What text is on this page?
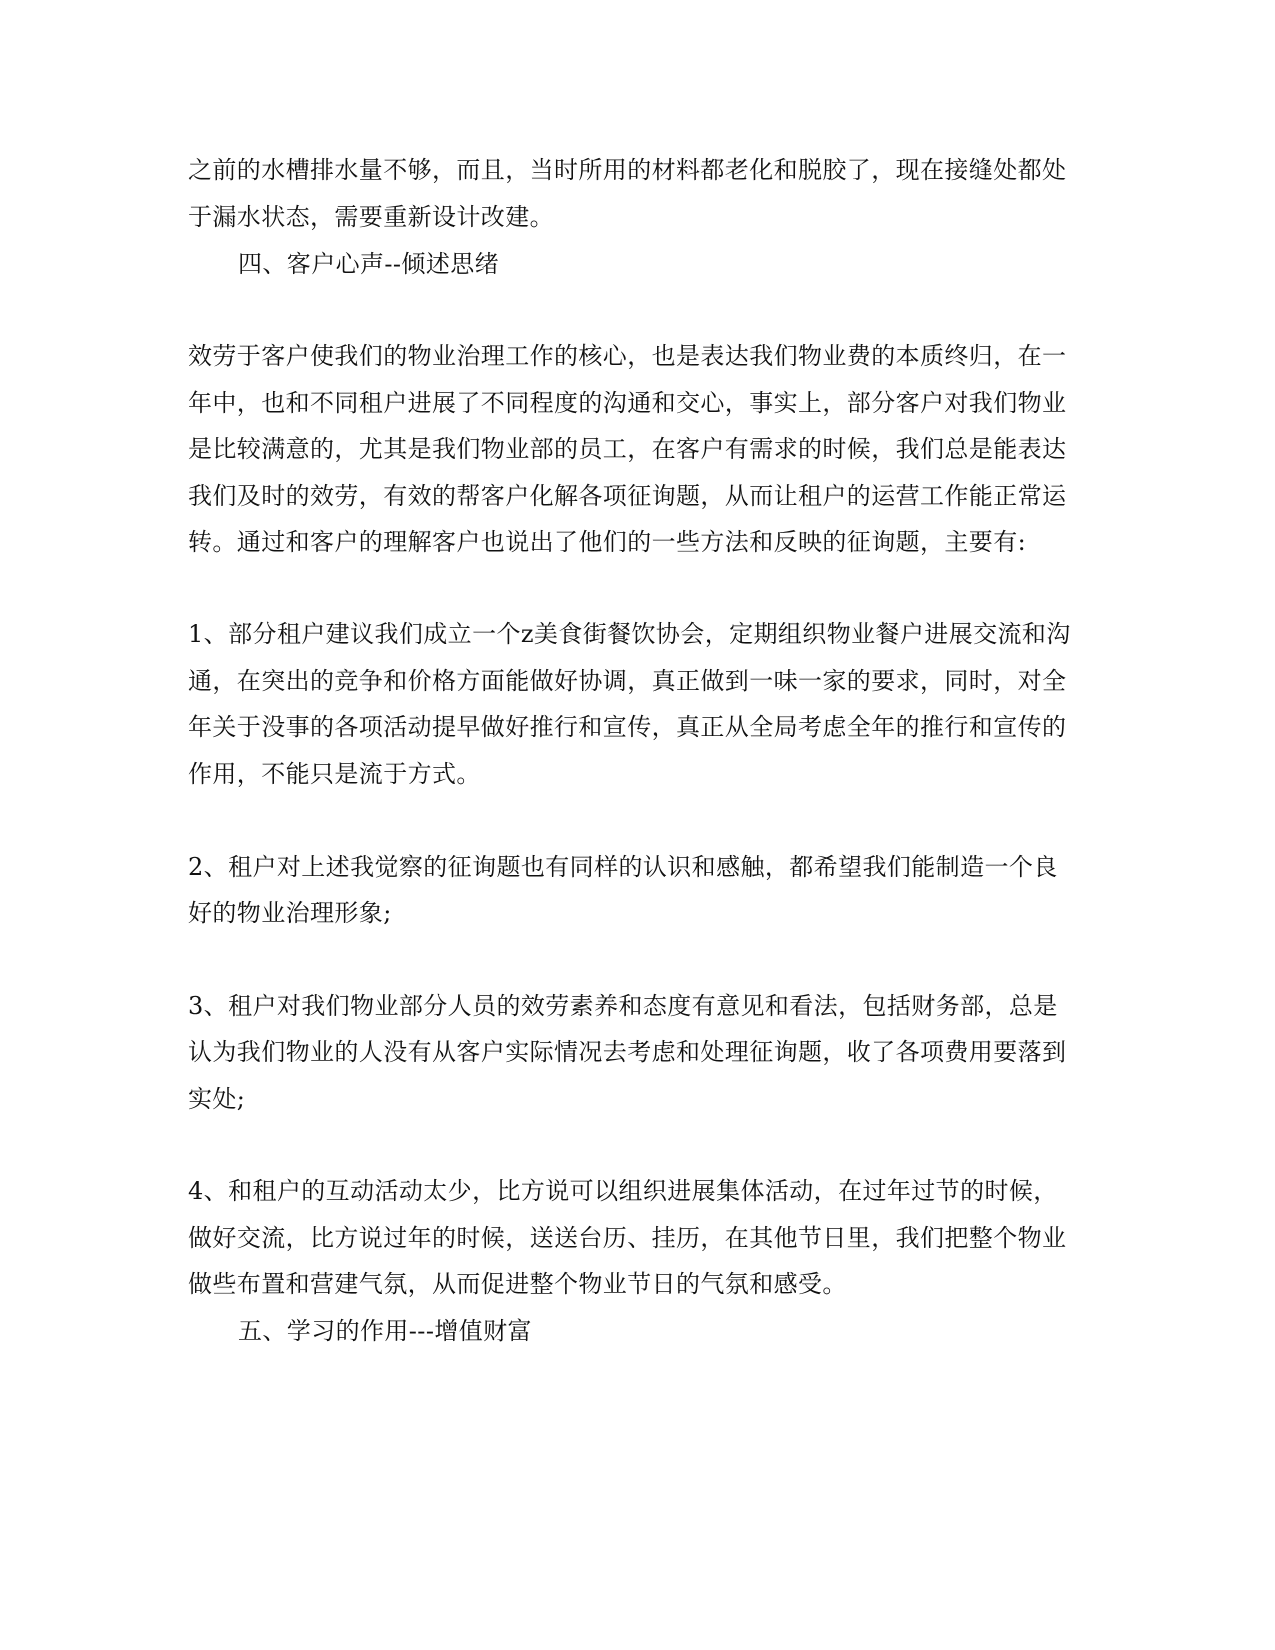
之前的水槽排水量不够，而且，当时所用的材料都老化和脱胶了，现在接缝处都处
于漏水状态，需要重新设计改建。
四、客户心声--倾述思绪
效劳于客户使我们的物业治理工作的核心，也是表达我们物业费的本质终归，在一
年中，也和不同租户进展了不同程度的沟通和交心，事实上，部分客户对我们物业
是比较满意的，尤其是我们物业部的员工，在客户有需求的时候，我们总是能表达
我们及时的效劳，有效的帮客户化解各项征询题，从而让租户的运营工作能正常运
转。通过和客户的理解客户也说出了他们的一些方法和反映的征询题，主要有:
1、部分租户建议我们成立一个z美食街餐饮协会，定期组织物业餐户进展交流和沟
通，在突出的竞争和价格方面能做好协调，真正做到一味一家的要求，同时，对全
年关于没事的各项活动提早做好推行和宣传，真正从全局考虑全年的推行和宣传的
作用，不能只是流于方式。
2、租户对上述我觉察的征询题也有同样的认识和感触，都希望我们能制造一个良
好的物业治理形象;
3、租户对我们物业部分人员的效劳素养和态度有意见和看法，包括财务部，总是
认为我们物业的人没有从客户实际情况去考虑和处理征询题，收了各项费用要落到
实处;
4、和租户的互动活动太少，比方说可以组织进展集体活动，在过年过节的时候，
做好交流，比方说过年的时候，送送台历、挂历，在其他节日里，我们把整个物业
做些布置和营建气氛，从而促进整个物业节日的气氛和感受。
五、学习的作用---增值财富
